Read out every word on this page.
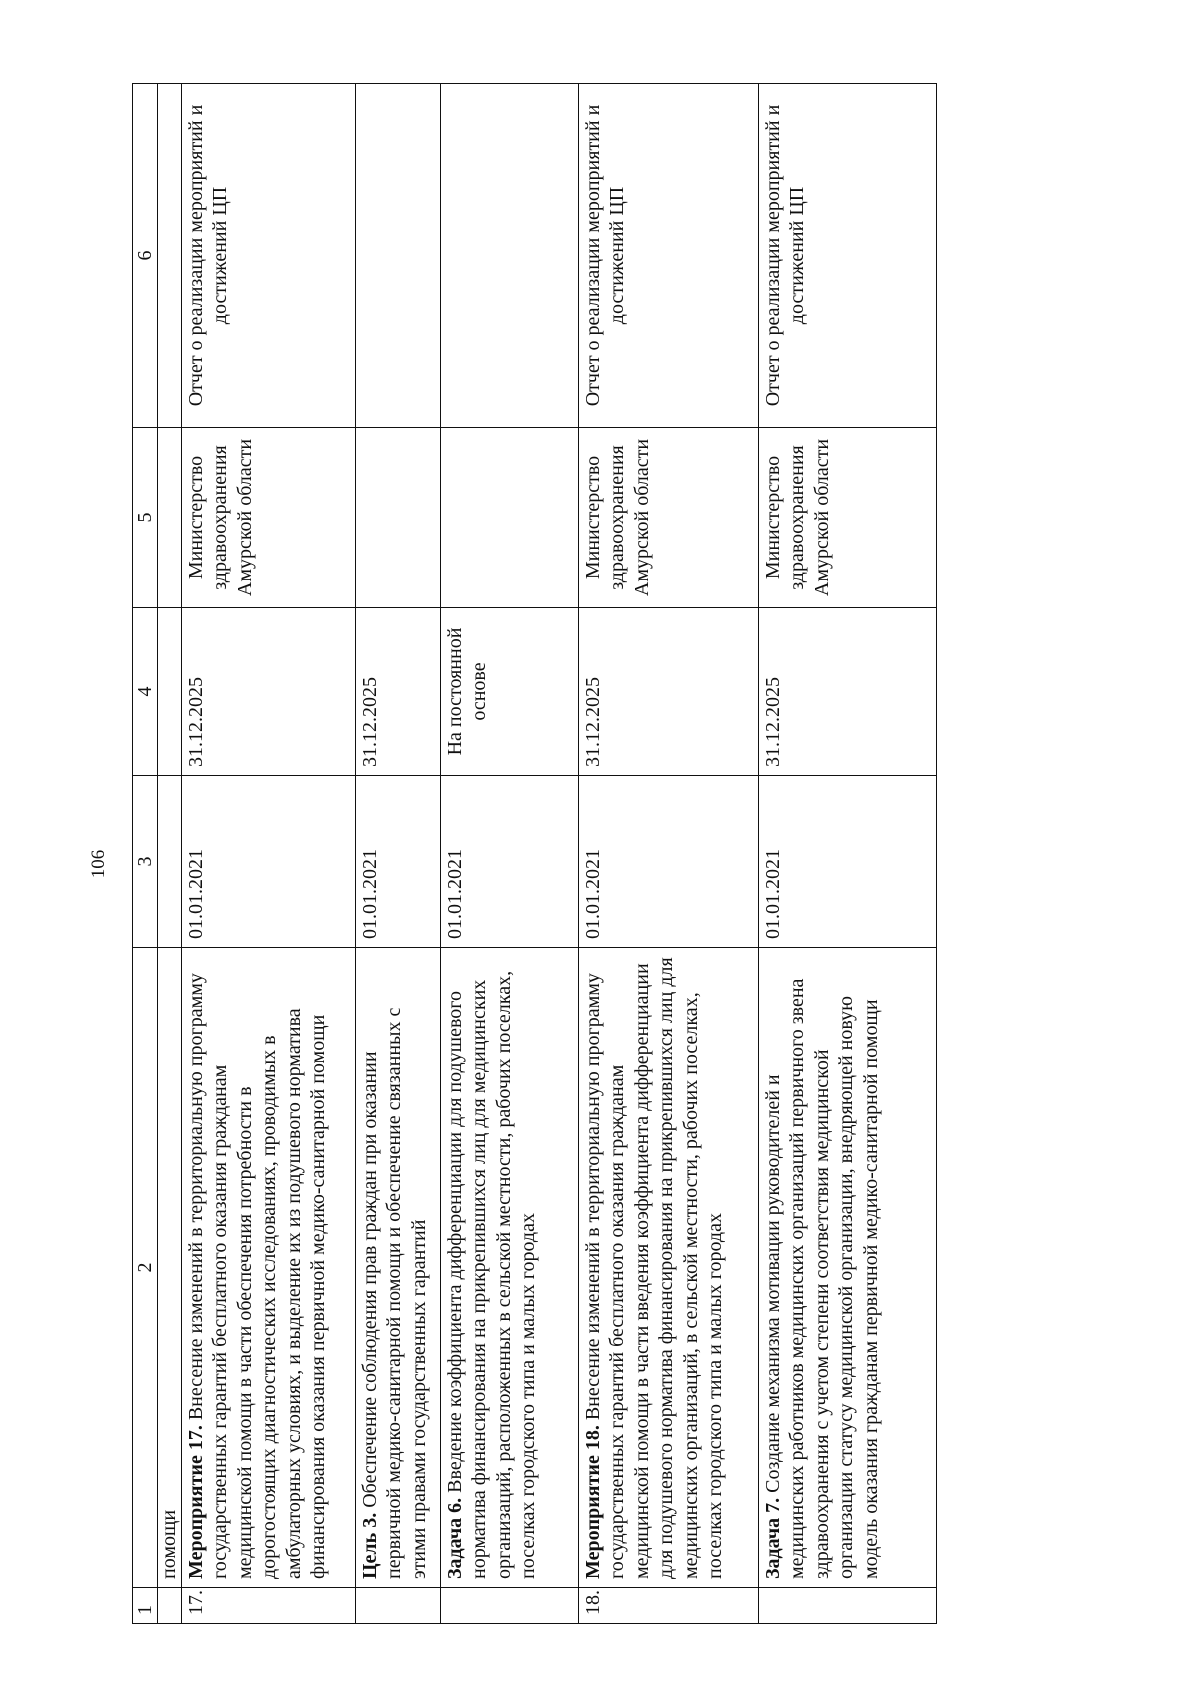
106
1	2	3	4	5	6
	помощи				
17.	Мероприятие 17. Внесение изменений в территориальную программу государственных гарантий бесплатного оказания гражданам медицинской помощи в части обеспечения потребности в дорогостоящих диагностических исследованиях, проводимых в амбулаторных условиях, и выделение их из подушевого норматива финансирования оказания первичной медико-санитарной помощи	01.01.2021	31.12.2025	Министерство здравоохранения Амурской области	Отчет о реализации мероприятий и достижений ЦП
	Цель 3. Обеспечение соблюдения прав граждан при оказании первичной медико-санитарной помощи и обеспечение связанных с этими правами государственных гарантий	01.01.2021	31.12.2025		
	Задача 6. Введение коэффициента дифференциации для подушевого норматива финансирования на прикрепившихся лиц для медицинских организаций, расположенных в сельской местности, рабочих поселках, поселках городского типа и малых городах	01.01.2021	На постоянной основе		
18.	Мероприятие 18. Внесение изменений в территориальную программу государственных гарантий бесплатного оказания гражданам медицинской помощи в части введения коэффициента дифференциации для подушевого норматива финансирования на прикрепившихся лиц для медицинских организаций, в сельской местности, рабочих поселках, поселках городского типа и малых городах	01.01.2021	31.12.2025	Министерство здравоохранения Амурской области	Отчет о реализации мероприятий и достижений ЦП
	Задача 7. Создание механизма мотивации руководителей и медицинских работников медицинских организаций первичного звена здравоохранения с учетом степени соответствия медицинской организации статусу медицинской организации, внедряющей новую модель оказания гражданам первичной медико-санитарной помощи	01.01.2021	31.12.2025	Министерство здравоохранения Амурской области	Отчет о реализации мероприятий и достижений ЦП
